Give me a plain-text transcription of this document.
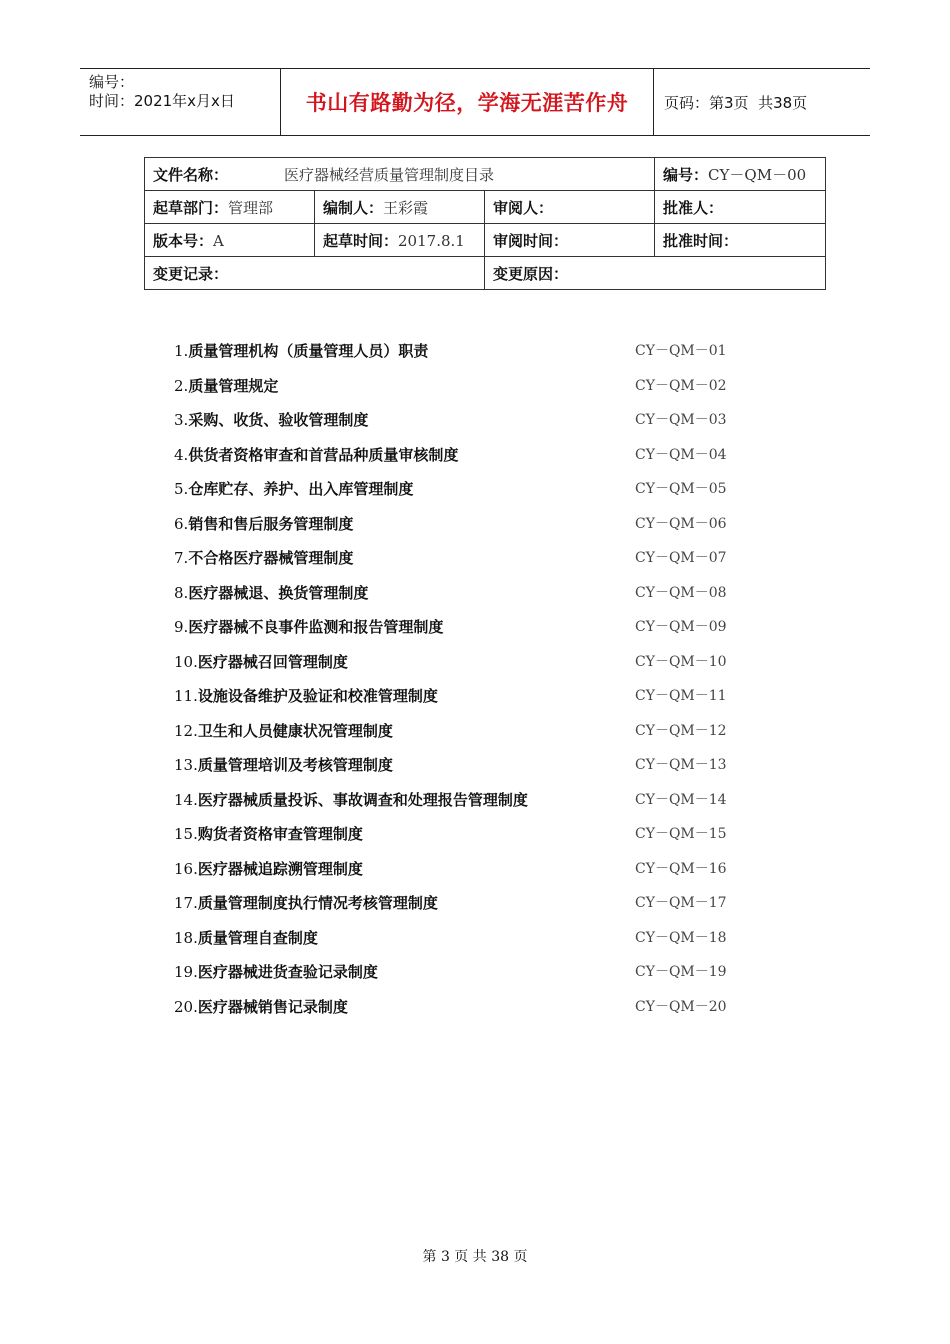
编号：
时间：2021年x月x日	书山有路勤为径，学海无涯苦作舟	页码：第3页  共38页
文件名称： 医疗器械经营质量管理制度目录			编号：CY－QM－00
起草部门：管理部	编制人：王彩霞	审阅人：	批准人：
版本号：A	起草时间：2017.8.1	审阅时间：	批准时间：
变更记录：		变更原因：	
1.质量管理机构（质量管理人员）职责	CY－QM－01
2.质量管理规定	CY－QM－02
3.采购、收货、验收管理制度	CY－QM－03
4.供货者资格审查和首营品种质量审核制度	CY－QM－04
5.仓库贮存、养护、出入库管理制度	CY－QM－05
6.销售和售后服务管理制度	CY－QM－06
7.不合格医疗器械管理制度	CY－QM－07
8.医疗器械退、换货管理制度	CY－QM－08
9.医疗器械不良事件监测和报告管理制度	CY－QM－09
10.医疗器械召回管理制度	CY－QM－10
11.设施设备维护及验证和校准管理制度	CY－QM－11
12.卫生和人员健康状况管理制度	CY－QM－12
13.质量管理培训及考核管理制度	CY－QM－13
14.医疗器械质量投诉、事故调查和处理报告管理制度	CY－QM－14
15.购货者资格审查管理制度	CY－QM－15
16.医疗器械追踪溯管理制度	CY－QM－16
17.质量管理制度执行情况考核管理制度	CY－QM－17
18.质量管理自查制度	CY－QM－18
19.医疗器械进货查验记录制度	CY－QM－19
20.医疗器械销售记录制度	CY－QM－20
第 3 页 共 38 页
